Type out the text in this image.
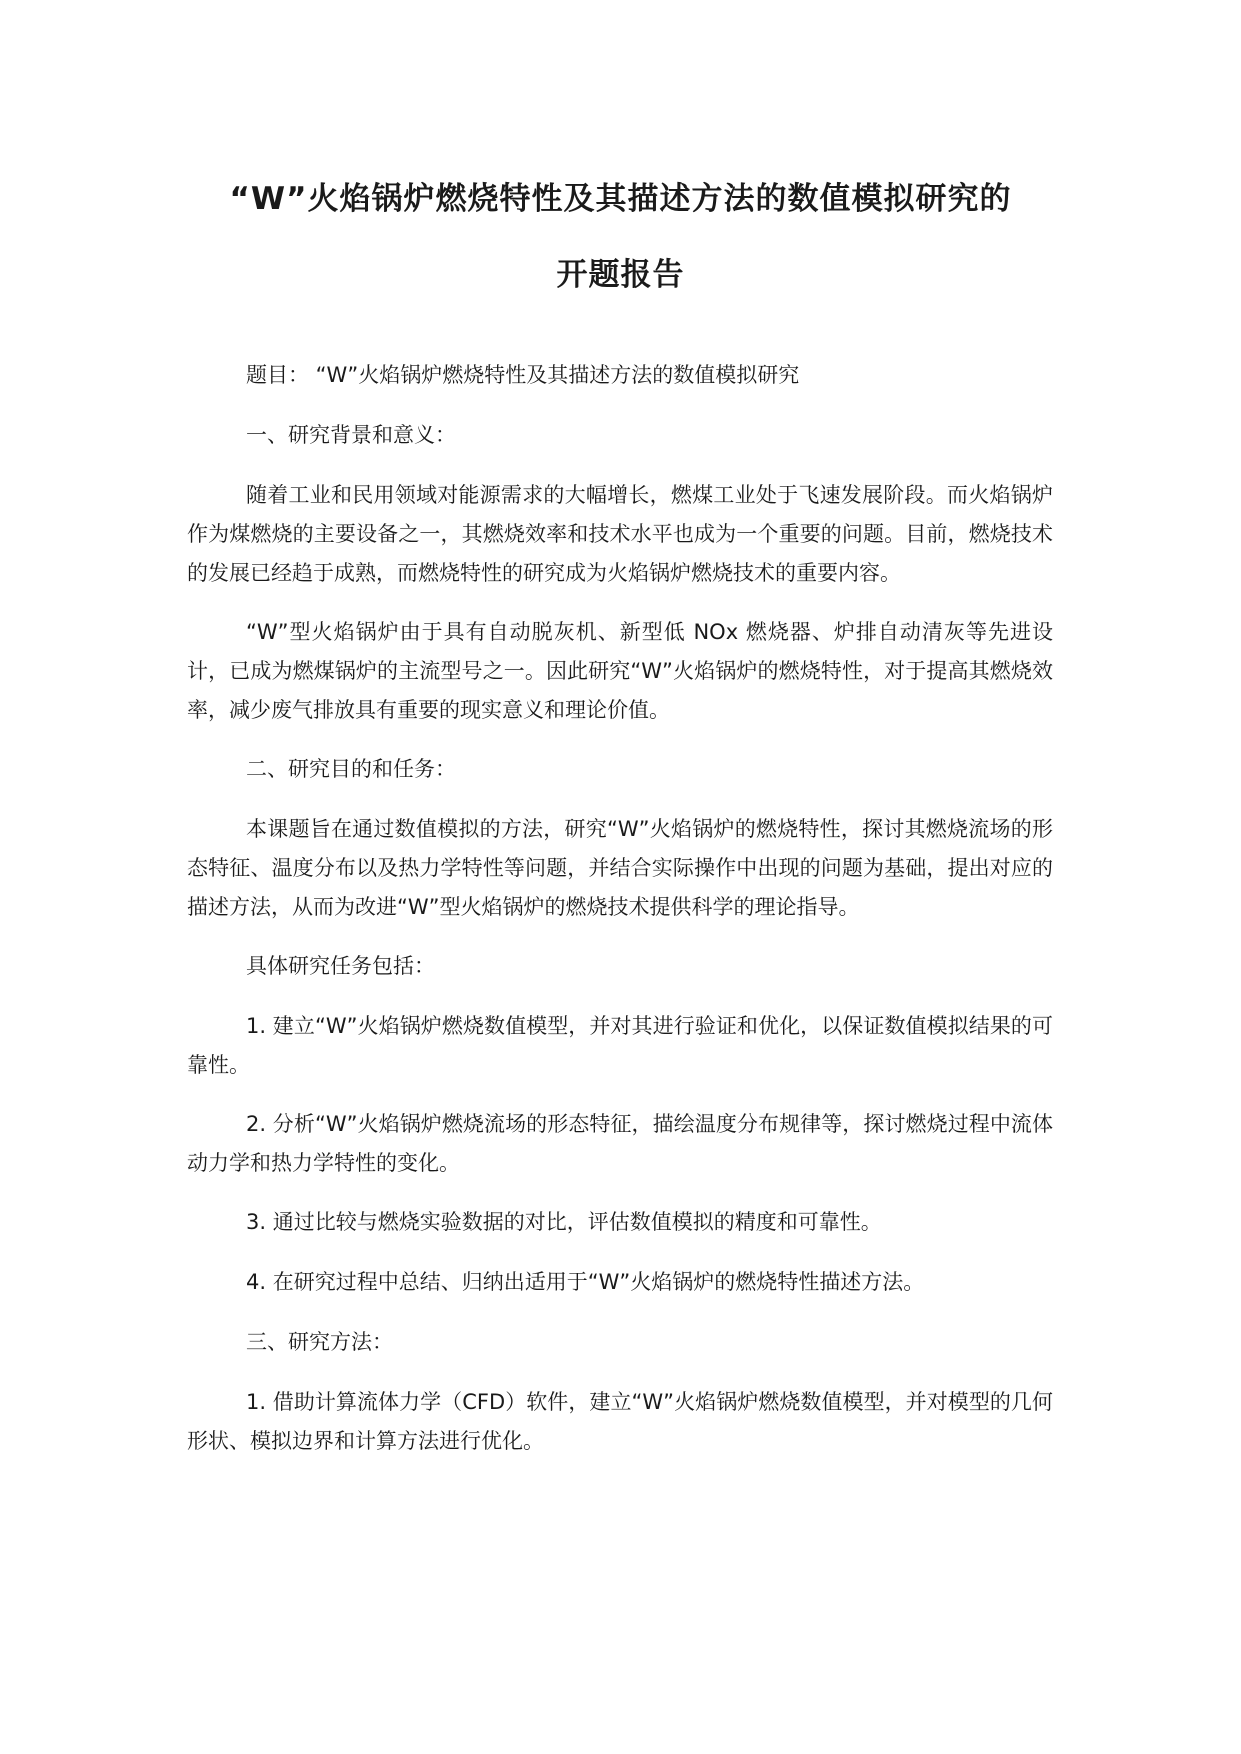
“W”火焰锅炉燃烧特性及其描述方法的数值模拟研究的
开题报告

题目： “W”火焰锅炉燃烧特性及其描述方法的数值模拟研究

一、研究背景和意义：

随着工业和民用领域对能源需求的大幅增长，燃煤工业处于飞速发展阶段。而火焰锅炉作为煤燃烧的主要设备之一，其燃烧效率和技术水平也成为一个重要的问题。目前，燃烧技术的发展已经趋于成熟，而燃烧特性的研究成为火焰锅炉燃烧技术的重要内容。

“W”型火焰锅炉由于具有自动脱灰机、新型低 NOx 燃烧器、炉排自动清灰等先进设计，已成为燃煤锅炉的主流型号之一。因此研究“W”火焰锅炉的燃烧特性，对于提高其燃烧效率，减少废气排放具有重要的现实意义和理论价值。

二、研究目的和任务：

本课题旨在通过数值模拟的方法，研究“W”火焰锅炉的燃烧特性，探讨其燃烧流场的形态特征、温度分布以及热力学特性等问题，并结合实际操作中出现的问题为基础，提出对应的描述方法，从而为改进“W”型火焰锅炉的燃烧技术提供科学的理论指导。

具体研究任务包括：

1. 建立“W”火焰锅炉燃烧数值模型，并对其进行验证和优化，以保证数值模拟结果的可靠性。

2. 分析“W”火焰锅炉燃烧流场的形态特征，描绘温度分布规律等，探讨燃烧过程中流体动力学和热力学特性的变化。

3. 通过比较与燃烧实验数据的对比，评估数值模拟的精度和可靠性。

4. 在研究过程中总结、归纳出适用于“W”火焰锅炉的燃烧特性描述方法。

三、研究方法：

1. 借助计算流体力学（CFD）软件，建立“W”火焰锅炉燃烧数值模型，并对模型的几何形状、模拟边界和计算方法进行优化。
